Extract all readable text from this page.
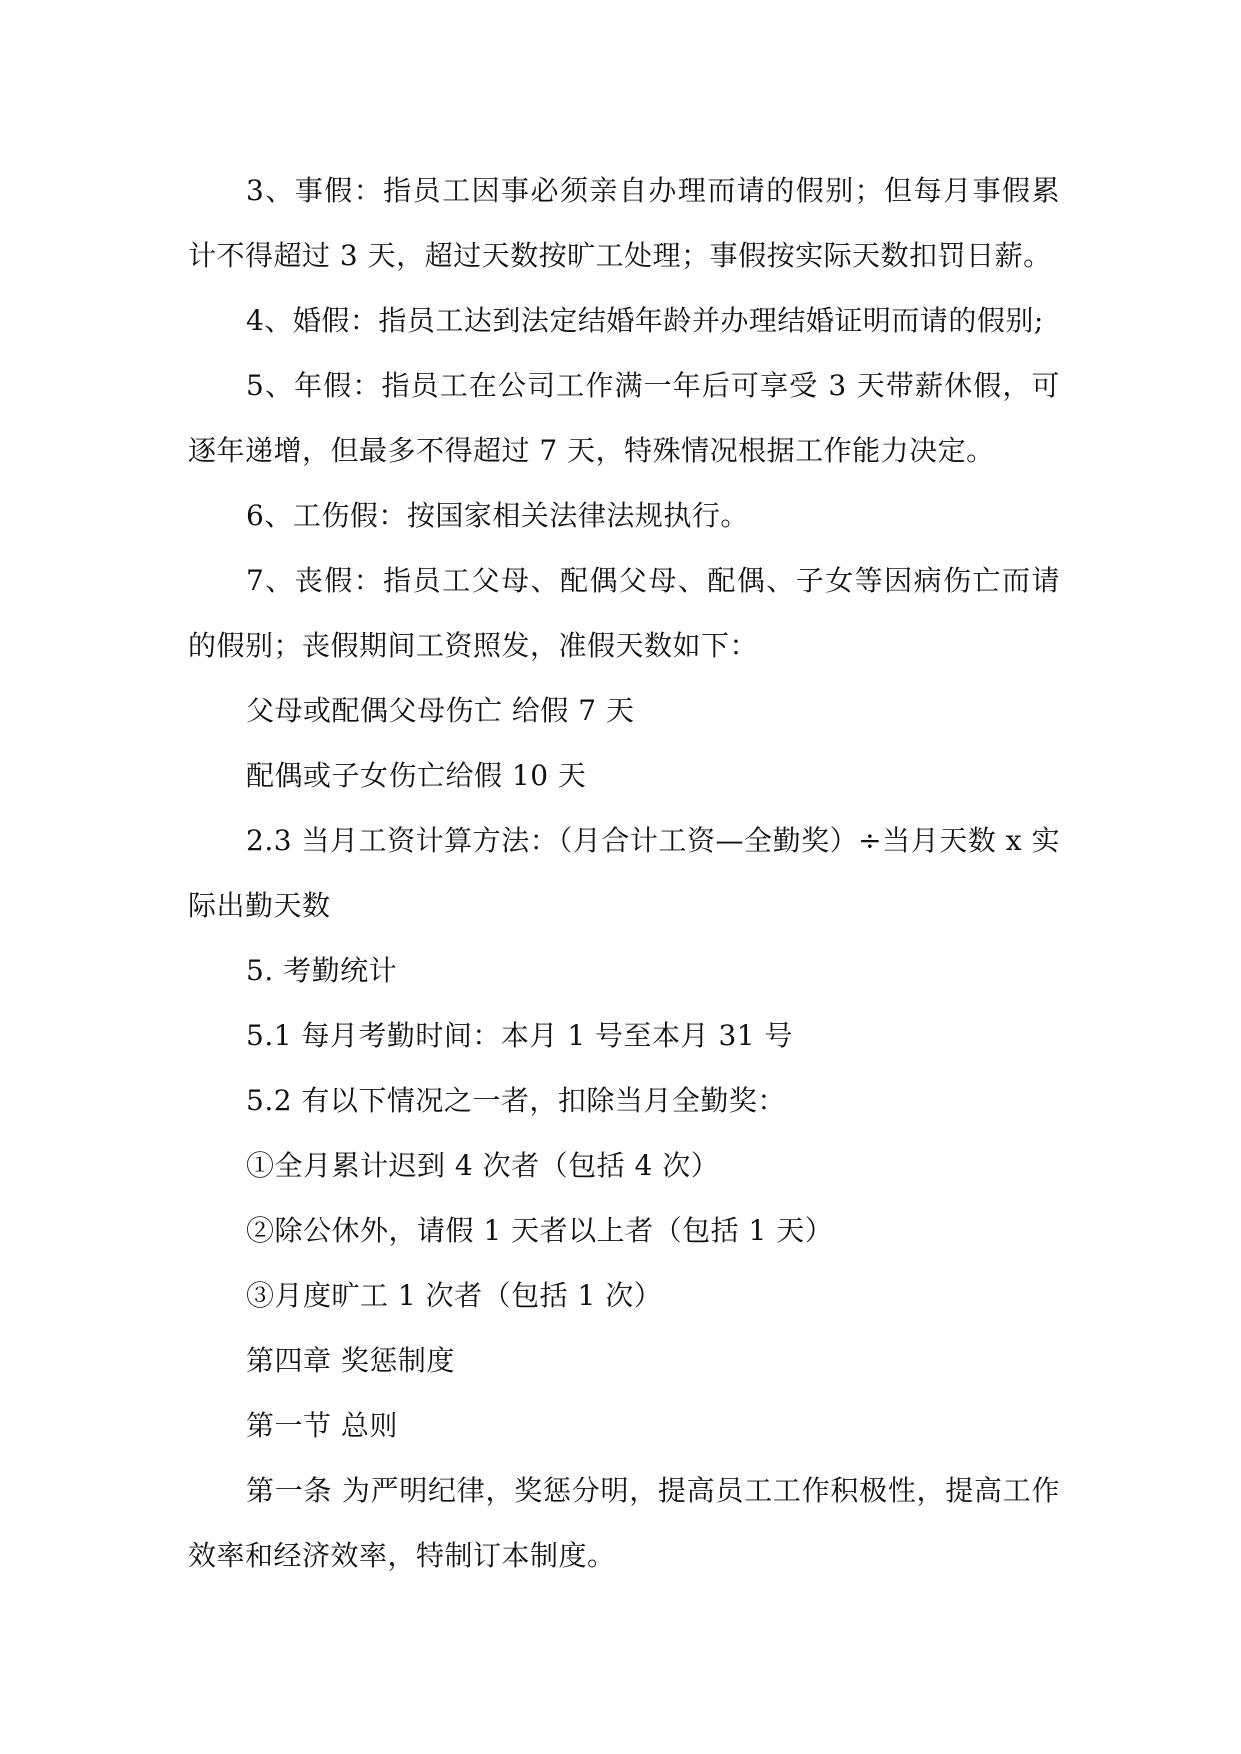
3、事假：指员工因事必须亲自办理而请的假别；但每月事假累计不得超过 3 天，超过天数按旷工处理；事假按实际天数扣罚日薪。

4、婚假：指员工达到法定结婚年龄并办理结婚证明而请的假别;

5、年假：指员工在公司工作满一年后可享受 3 天带薪休假，可逐年递增，但最多不得超过 7 天，特殊情况根据工作能力决定。

6、工伤假：按国家相关法律法规执行。

7、丧假：指员工父母、配偶父母、配偶、子女等因病伤亡而请的假别；丧假期间工资照发，准假天数如下：

父母或配偶父母伤亡 给假 7 天

配偶或子女伤亡给假 10 天

2.3 当月工资计算方法：（月合计工资—全勤奖）÷当月天数 x 实际出勤天数

5. 考勤统计

5.1 每月考勤时间：本月 1 号至本月 31 号

5.2 有以下情况之一者，扣除当月全勤奖：

①全月累计迟到 4 次者（包括 4 次）

②除公休外，请假 1 天者以上者（包括 1 天）

③月度旷工 1 次者（包括 1 次）

第四章 奖惩制度

第一节 总则

第一条 为严明纪律，奖惩分明，提高员工工作积极性，提高工作效率和经济效率，特制订本制度。
